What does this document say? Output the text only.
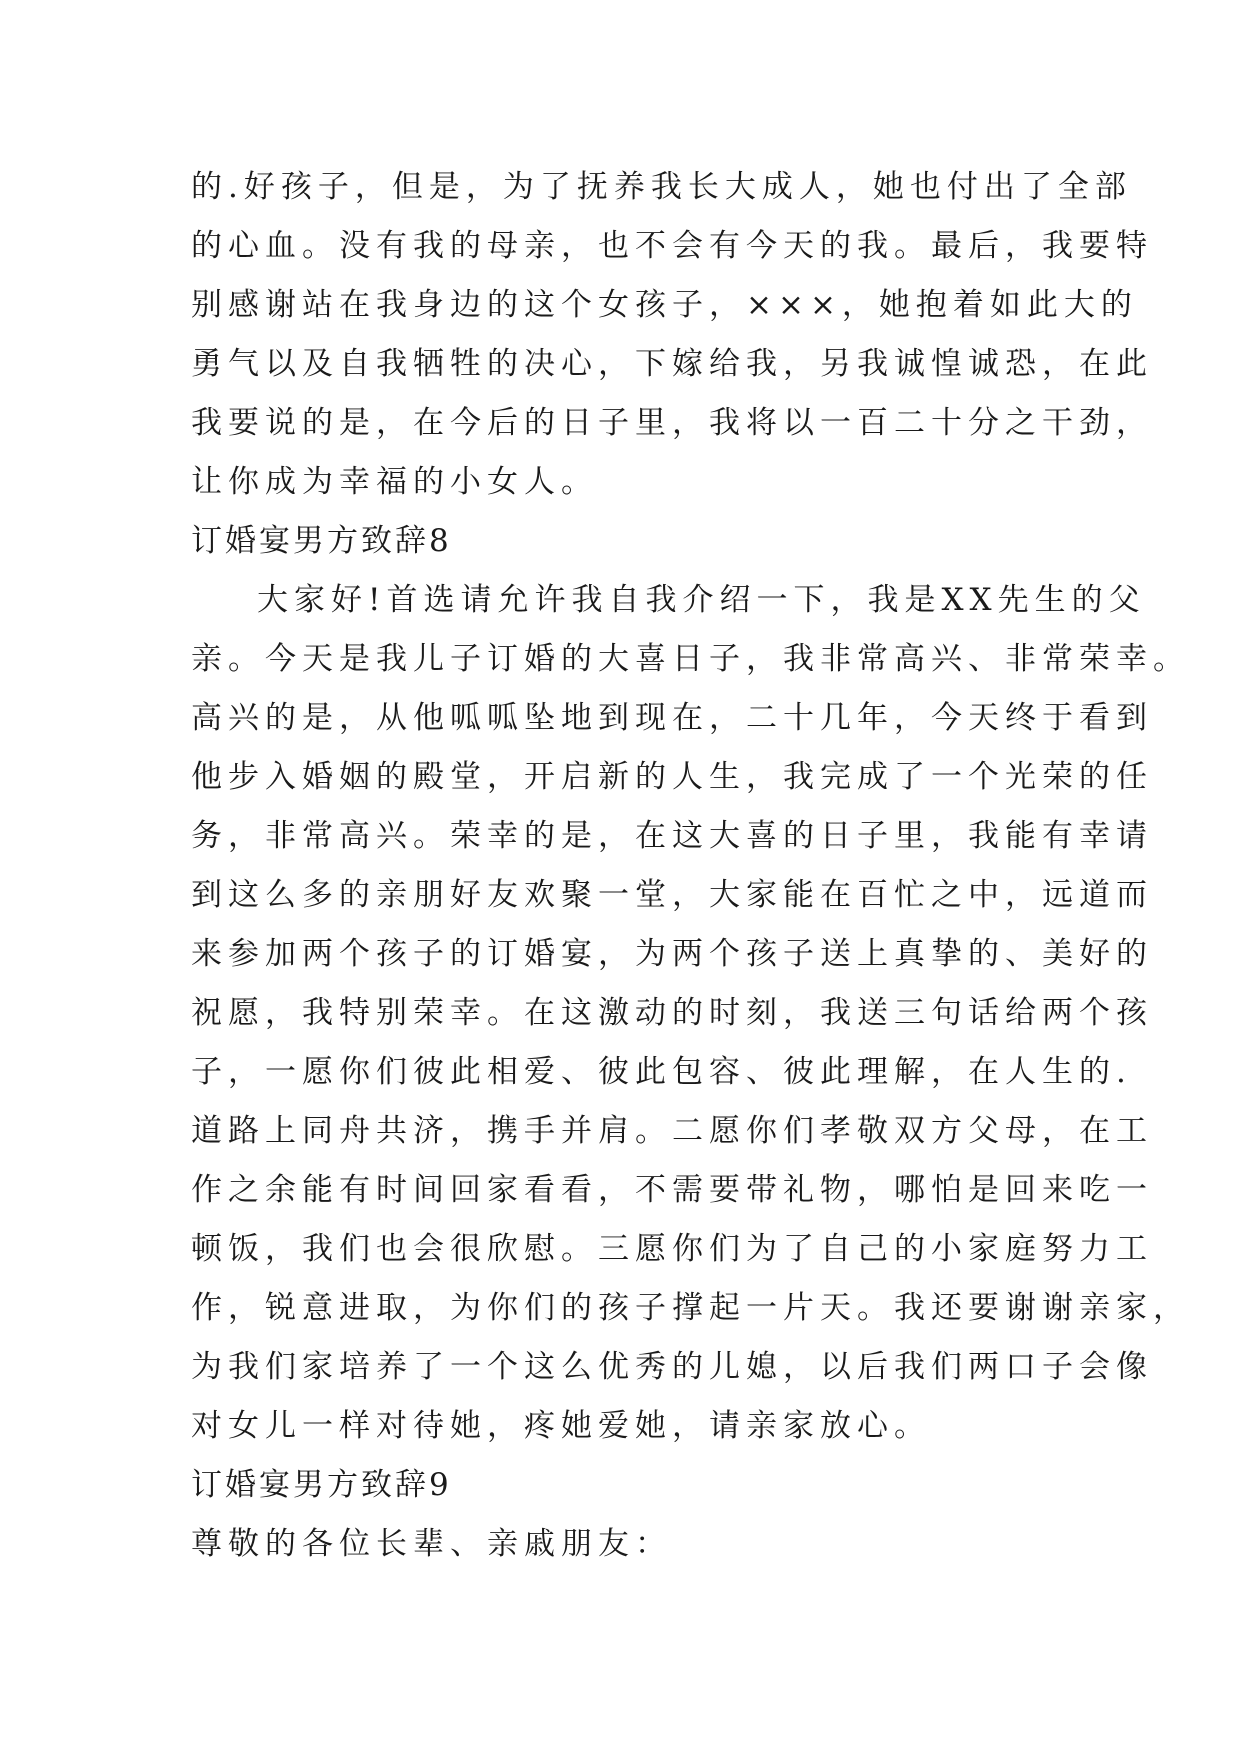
的.好孩子，但是，为了抚养我长大成人，她也付出了全部
的心血。没有我的母亲，也不会有今天的我。最后，我要特
别感谢站在我身边的这个女孩子，×××，她抱着如此大的
勇气以及自我牺牲的决心，下嫁给我，另我诚惶诚恐，在此
我要说的是，在今后的日子里，我将以一百二十分之干劲，
让你成为幸福的小女人。
订婚宴男方致辞8
大家好!首选请允许我自我介绍一下，我是XX先生的父
亲。今天是我儿子订婚的大喜日子，我非常高兴、非常荣幸。
高兴的是，从他呱呱坠地到现在，二十几年，今天终于看到
他步入婚姻的殿堂，开启新的人生，我完成了一个光荣的任
务，非常高兴。荣幸的是，在这大喜的日子里，我能有幸请
到这么多的亲朋好友欢聚一堂，大家能在百忙之中，远道而
来参加两个孩子的订婚宴，为两个孩子送上真挚的、美好的
祝愿，我特别荣幸。在这激动的时刻，我送三句话给两个孩
子，一愿你们彼此相爱、彼此包容、彼此理解，在人生的.
道路上同舟共济，携手并肩。二愿你们孝敬双方父母，在工
作之余能有时间回家看看，不需要带礼物，哪怕是回来吃一
顿饭，我们也会很欣慰。三愿你们为了自己的小家庭努力工
作，锐意进取，为你们的孩子撑起一片天。我还要谢谢亲家，
为我们家培养了一个这么优秀的儿媳，以后我们两口子会像
对女儿一样对待她，疼她爱她，请亲家放心。
订婚宴男方致辞9
尊敬的各位长辈、亲戚朋友：
